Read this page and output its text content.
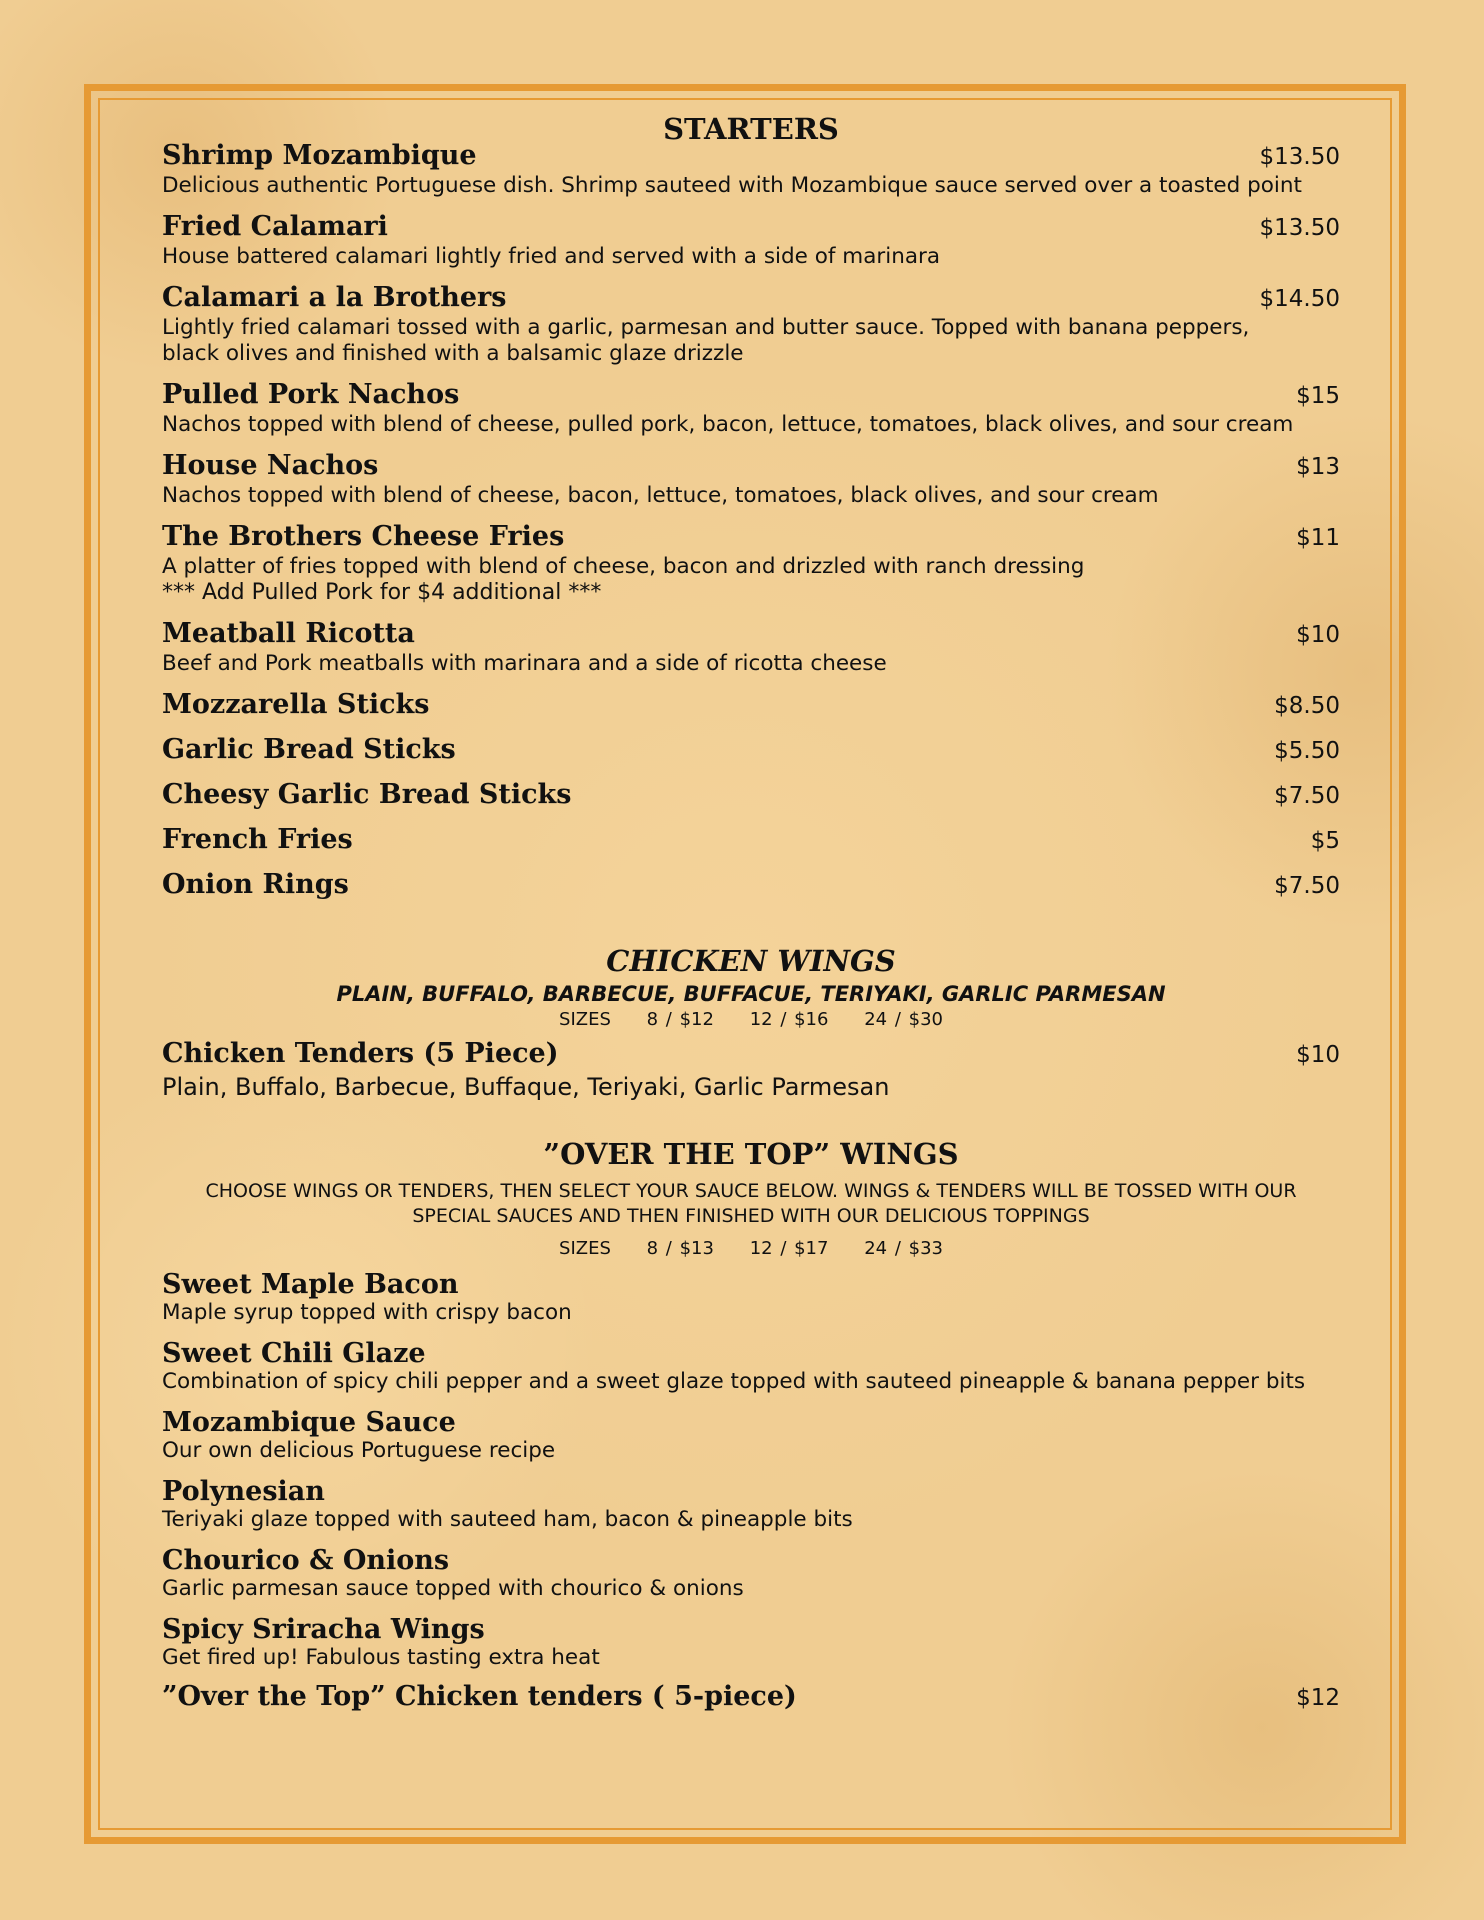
STARTERS
Shrimp Mozambique	$13.50
Delicious authentic Portuguese dish. Shrimp sauteed with Mozambique sauce served over a toasted point
Fried Calamari	$13.50
House battered calamari lightly fried and served with a side of marinara
Calamari a la Brothers	$14.50
Lightly fried calamari tossed with a garlic, parmesan and butter sauce. Topped with banana peppers, black olives and finished with a balsamic glaze drizzle
Pulled Pork Nachos	$15
Nachos topped with blend of cheese, pulled pork, bacon, lettuce, tomatoes, black olives, and sour cream
House Nachos	$13
Nachos topped with blend of cheese, bacon, lettuce, tomatoes, black olives, and sour cream
The Brothers Cheese Fries	$11
A platter of fries topped with blend of cheese, bacon and drizzled with ranch dressing
*** Add Pulled Pork for $4 additional ***
Meatball Ricotta	$10
Beef and Pork meatballs with marinara and a side of ricotta cheese
Mozzarella Sticks	$8.50
Garlic Bread Sticks	$5.50
Cheesy Garlic Bread Sticks	$7.50
French Fries	$5
Onion Rings	$7.50
CHICKEN WINGS
PLAIN, BUFFALO, BARBECUE, BUFFACUE, TERIYAKI, GARLIC PARMESAN
SIZES 8 / $12 12 / $16 24 / $30
Chicken Tenders (5 Piece)	$10
Plain, Buffalo, Barbecue, Buffaque, Teriyaki, Garlic Parmesan
”OVER THE TOP” WINGS
CHOOSE WINGS OR TENDERS, THEN SELECT YOUR SAUCE BELOW. WINGS & TENDERS WILL BE TOSSED WITH OUR SPECIAL SAUCES AND THEN FINISHED WITH OUR DELICIOUS TOPPINGS
SIZES 8 / $13 12 / $17 24 / $33
Sweet Maple Bacon
Maple syrup topped with crispy bacon
Sweet Chili Glaze
Combination of spicy chili pepper and a sweet glaze topped with sauteed pineapple & banana pepper bits
Mozambique Sauce
Our own delicious Portuguese recipe
Polynesian
Teriyaki glaze topped with sauteed ham, bacon & pineapple bits
Chourico & Onions
Garlic parmesan sauce topped with chourico & onions
Spicy Sriracha Wings
Get fired up! Fabulous tasting extra heat
”Over the Top” Chicken tenders ( 5-piece)	$12
